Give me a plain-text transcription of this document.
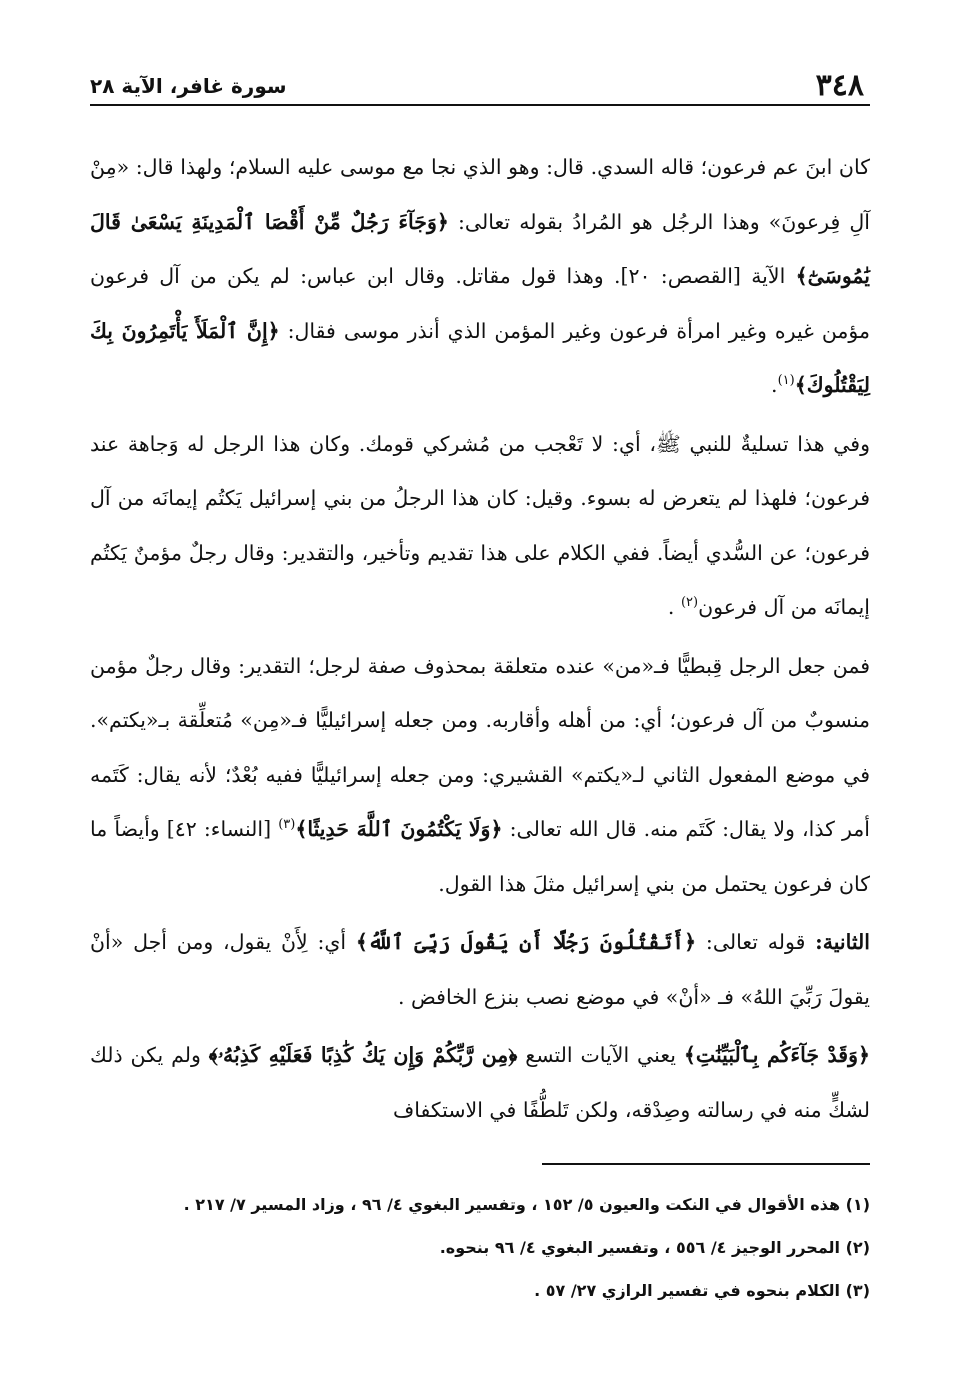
٣٤٨
سورة غافر، الآية ٢٨

كان ابنَ عم فرعون؛ قاله السدي. قال: وهو الذي نجا مع موسى عليه السلام؛ ولهذا قال: «مِنْ آلِ فِرعونَ» وهذا الرجُل هو المُرادُ بقوله تعالى: ﴿وَجَآءَ رَجُلٌ مِّنْ أَقْصَا ٱلْمَدِينَةِ يَسْعَىٰ قَالَ يَٰمُوسَىٰٓ﴾ الآية [القصص: ٢٠]. وهذا قول مقاتل. وقال ابن عباس: لم يكن من آل فرعون مؤمن غيره وغير امرأة فرعون وغير المؤمن الذي أنذر موسى فقال: ﴿إِنَّ ٱلْمَلَأَ يَأْتَمِرُونَ بِكَ لِيَقْتُلُوكَ﴾$^{(١)}$.

وفي هذا تسليةٌ للنبي ﷺ، أي: لا تَعْجب من مُشركي قومك. وكان هذا الرجل له وَجاهة عند فرعون؛ فلهذا لم يتعرض له بسوء. وقيل: كان هذا الرجلُ من بني إسرائيل يَكتُم إيمانَه من آل فرعون؛ عن السُّدي أيضاً. ففي الكلام على هذا تقديم وتأخير، والتقدير: وقال رجلٌ مؤمنٌ يَكتُم إيمانَه من آل فرعون$^{(٢)}$ .

فمن جعل الرجل قِبطيًّا فـ«من» عنده متعلقة بمحذوف صفة لرجل؛ التقدير: وقال رجلٌ مؤمن منسوبٌ من آل فرعون؛ أي: من أهله وأقاربه. ومن جعله إسرائيليًّا فـ«مِن» مُتعلِّقة بـ«يكتم». في موضع المفعول الثاني لـ«يكتم» القشيري: ومن جعله إسرائيليًّا ففيه بُعْدٌ؛ لأنه يقال: كَتَمه أمر كذا، ولا يقال: كَتَم منه. قال الله تعالى: ﴿وَلَا يَكْتُمُونَ ٱللَّهَ حَدِيثًا﴾$^{(٣)}$ [النساء: ٤٢] وأيضاً ما كان فرعون يحتمل من بني إسرائيل مثلَ هذا القول.

الثانية: قوله تعالى: ﴿أَتَقْتُلُونَ رَجُلًا أَن يَقُولَ رَبِّىَ ٱللَّهُ﴾ أي: لِأَنْ يقول، ومن أجل «أنْ يقولَ رَبِّيَ اللهُ» فـ «أنْ» في موضع نصب بنزع الخافض .

﴿وَقَدْ جَآءَكُم بِٱلْبَيِّنَٰتِ﴾ يعني الآيات التسع ﴿مِن رَّبِّكُمْ وَإِن يَكُ كَٰذِبًا فَعَلَيْهِ كَذِبُهُۥ﴾ ولم يكن ذلك لشكٍّ منه في رسالته وصِدْقه، ولكن تَلطُّفًا في الاستكفاف

(١) هذه الأقوال في النكت والعيون ٥/ ١٥٢ ، وتفسير البغوي ٤/ ٩٦ ، وزاد المسير ٧/ ٢١٧ .
(٢) المحرر الوجيز ٤/ ٥٥٦ ، وتفسير البغوي ٤/ ٩٦ بنحوه.
(٣) الكلام بنحوه في تفسير الرازي ٢٧/ ٥٧ .
